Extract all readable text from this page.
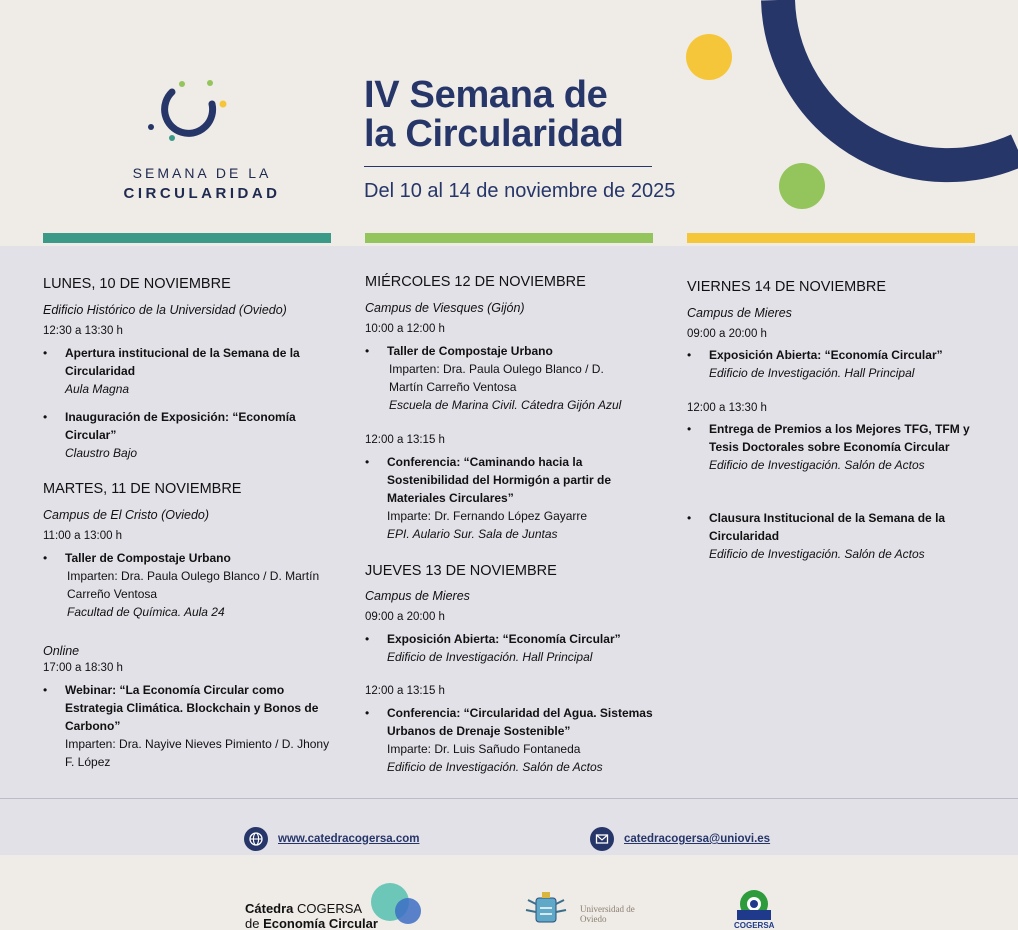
SEMANA DE LA
CIRCULARIDAD
IV Semana de
la Circularidad
Del 10 al 14 de noviembre de 2025
LUNES, 10 DE NOVIEMBRE
Edificio Histórico de la Universidad (Oviedo)
12:30 a 13:30 h
• Apertura institucional de la Semana de la Circularidad
Aula Magna
• Inauguración de Exposición: “Economía Circular”
Claustro Bajo
MARTES, 11 DE NOVIEMBRE
Campus de El Cristo (Oviedo)
11:00 a 13:00 h
• Taller de Compostaje Urbano
Imparten: Dra. Paula Oulego Blanco / D. Martín Carreño Ventosa
Facultad de Química. Aula 24
Online
17:00 a 18:30 h
• Webinar: “La Economía Circular como Estrategia Climática. Blockchain y Bonos de Carbono”
Imparten: Dra. Nayive Nieves Pimiento / D. Jhony F. López
MIÉRCOLES 12 DE NOVIEMBRE
Campus de Viesques (Gijón)
10:00 a 12:00 h
• Taller de Compostaje Urbano
Imparten: Dra. Paula Oulego Blanco / D. Martín Carreño Ventosa
Escuela de Marina Civil. Cátedra Gijón Azul
12:00 a 13:15 h
• Conferencia: “Caminando hacia la Sostenibilidad del Hormigón a partir de Materiales Circulares”
Imparte: Dr. Fernando López Gayarre
EPI. Aulario Sur. Sala de Juntas
JUEVES 13 DE NOVIEMBRE
Campus de Mieres
09:00 a 20:00 h
• Exposición Abierta: “Economía Circular”
Edificio de Investigación. Hall Principal
12:00 a 13:15 h
• Conferencia: “Circularidad del Agua. Sistemas Urbanos de Drenaje Sostenible”
Imparte: Dr. Luis Sañudo Fontaneda
Edificio de Investigación. Salón de Actos
VIERNES 14 DE NOVIEMBRE
Campus de Mieres
09:00 a 20:00 h
• Exposición Abierta: “Economía Circular”
Edificio de Investigación. Hall Principal
12:00 a 13:30 h
• Entrega de Premios a los Mejores TFG, TFM y Tesis Doctorales sobre Economía Circular
Edificio de Investigación. Salón de Actos
• Clausura Institucional de la Semana de la Circularidad
Edificio de Investigación. Salón de Actos
www.catedracogersa.com	catedracogersa@uniovi.es
Cátedra COGERSA
de Economía Circular
Universidad de
Oviedo
COGERSA
